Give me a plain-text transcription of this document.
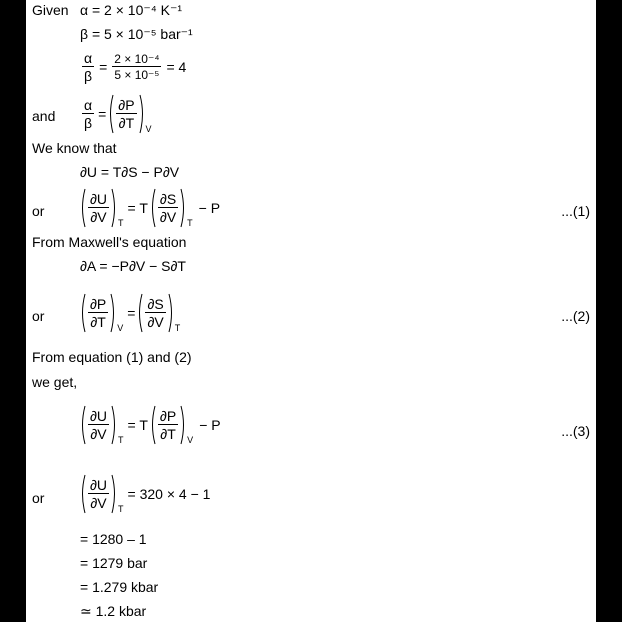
Given α = 2 × 10⁻⁴ K⁻¹
β = 5 × 10⁻⁵ bar⁻¹
$\frac{\alpha}{\beta} = \frac{\text{2 × 10⁻⁴}}{\text{5 × 10⁻⁵}} = 4$
and $\frac{\alpha}{\beta} = \frac{\partial P}{\partial T}$ V
We know that
∂U = T∂S − P∂V
or	$\frac{\partial U}{\partial V}$ T
= T $\frac{\partial S}{\partial V}$ T
− P	...(1)
From Maxwell's equation
∂A = −P∂V − S∂T
or	$\frac{\partial P}{\partial T}$ V
= $\frac{\partial S}{\partial V}$ T
...(2)
From equation (1) and (2)
we get,
$\frac{\partial U}{\partial V}$ T
= T $\frac{\partial P}{\partial T}$ V
− P	...(3)
or	$\frac{\partial U}{\partial V}$ T
= 320 × 4 − 1
= 1280 – 1
= 1279 bar
= 1.279 kbar
≃ 1.2 kbar
